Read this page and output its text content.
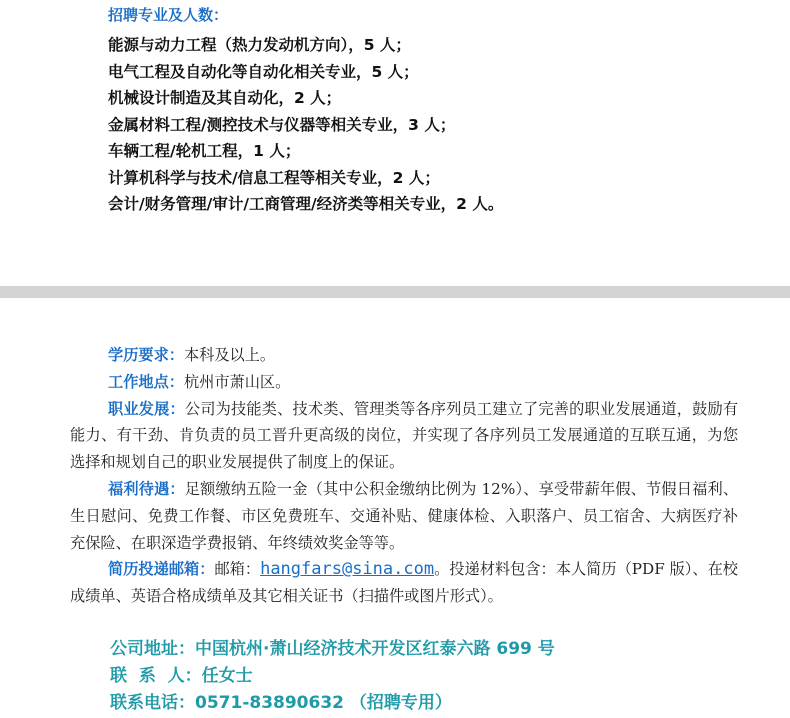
招聘专业及人数：
能源与动力工程（热力发动机方向），5 人；
电气工程及自动化等自动化相关专业，5 人；
机械设计制造及其自动化，2 人；
金属材料工程/测控技术与仪器等相关专业，3 人；
车辆工程/轮机工程，1 人；
计算机科学与技术/信息工程等相关专业，2 人；
会计/财务管理/审计/工商管理/经济类等相关专业，2 人。

学历要求：本科及以上。

工作地点：杭州市萧山区。

职业发展：公司为技能类、技术类、管理类等各序列员工建立了完善的职业发展通道，鼓励有能力、有干劲、肯负责的员工晋升更高级的岗位，并实现了各序列员工发展通道的互联互通，为您选择和规划自己的职业发展提供了制度上的保证。

福利待遇：足额缴纳五险一金（其中公积金缴纳比例为 12%）、享受带薪年假、节假日福利、生日慰问、免费工作餐、市区免费班车、交通补贴、健康体检、入职落户、员工宿舍、大病医疗补充保险、在职深造学费报销、年终绩效奖金等等。

简历投递邮箱：邮箱：hangfars@sina.com。投递材料包含：本人简历（PDF 版）、在校成绩单、英语合格成绩单及其它相关证书（扫描件或图片形式）。

公司地址：中国杭州·萧山经济技术开发区红泰六路 699 号
联  系  人：任女士
联系电话：0571-83890632 （招聘专用）
